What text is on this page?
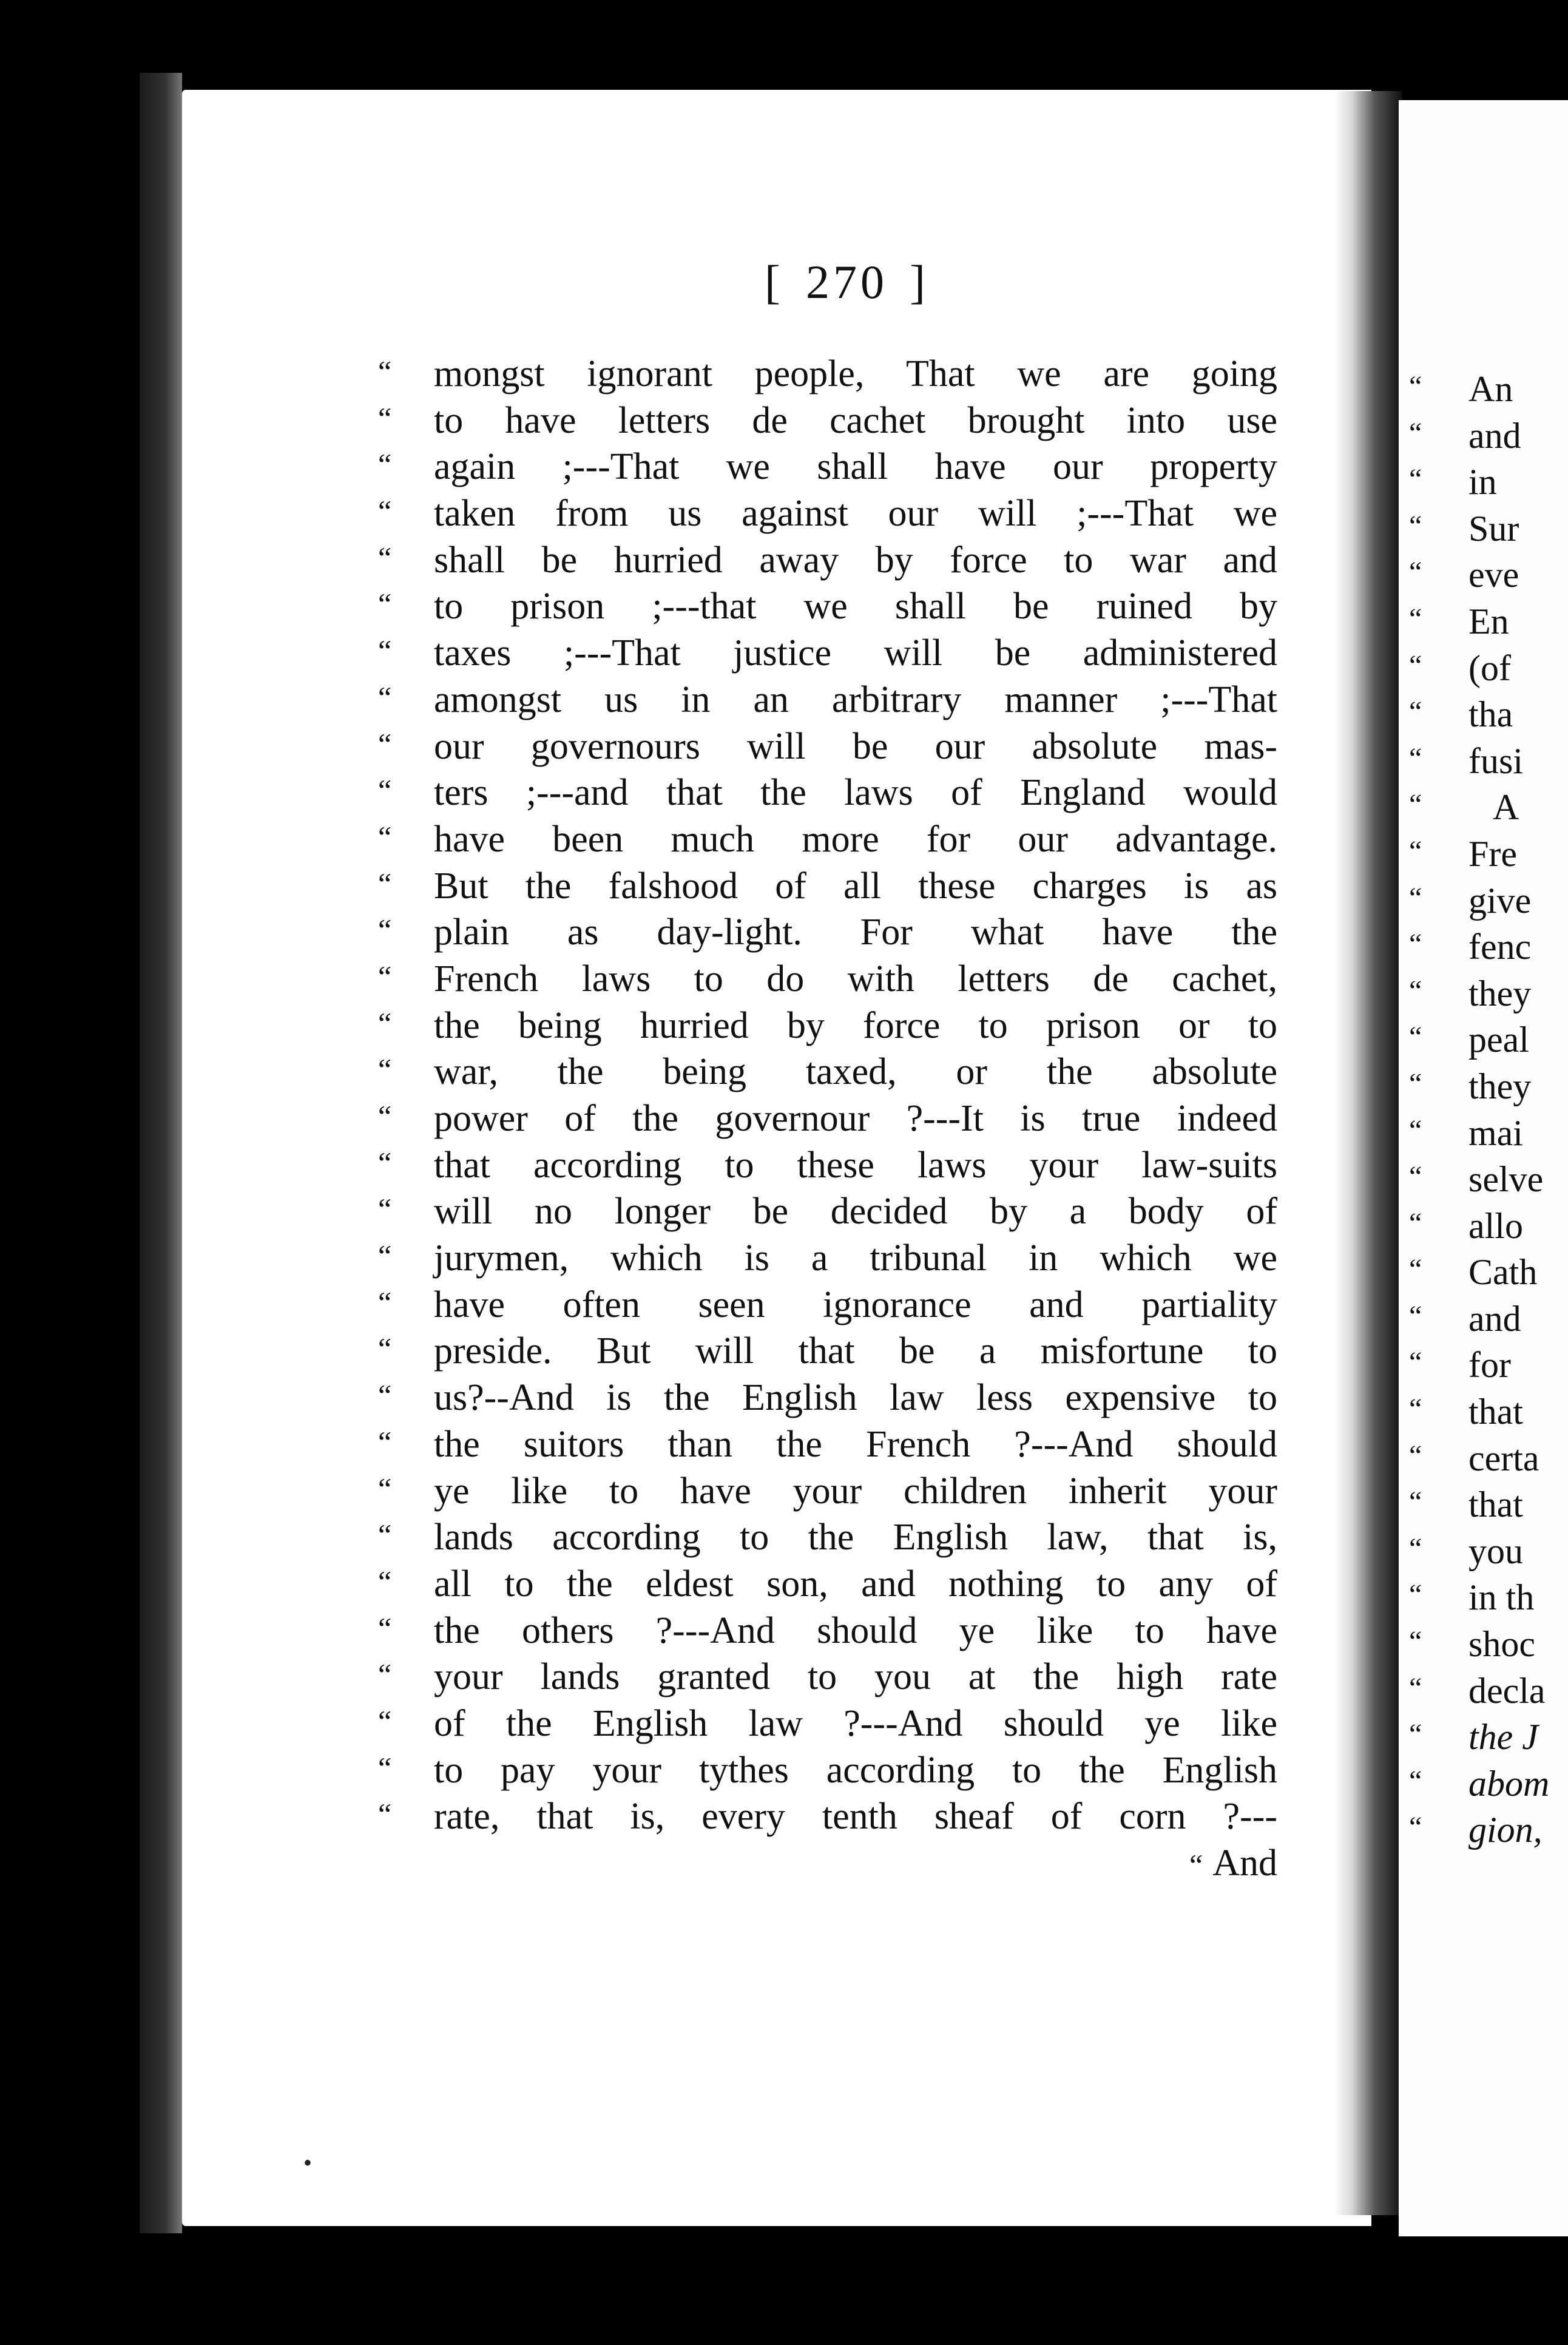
[ 270 ]
“ mongst ignorant people, That we are going
“ to have letters de cachet brought into use
“ again ;---That we shall have our property
“ taken from us against our will ;---That we
“ shall be hurried away by force to war and
“ to prison ;---that we shall be ruined by
“ taxes ;---That justice will be administered
“ amongst us in an arbitrary manner ;---That
“ our governours will be our absolute mas-
“ ters ;---and that the laws of England would
“ have been much more for our advantage.
“ But the falshood of all these charges is as
“ plain as day-light. For what have the
“ French laws to do with letters de cachet,
“ the being hurried by force to prison or to
“ war, the being taxed, or the absolute
“ power of the governour ?---It is true indeed
“ that according to these laws your law-suits
“ will no longer be decided by a body of
“ jurymen, which is a tribunal in which we
“ have often seen ignorance and partiality
“ preside. But will that be a misfortune to
“ us?--And is the English law less expensive to
“ the suitors than the French ?---And should
“ ye like to have your children inherit your
“ lands according to the English law, that is,
“ all to the eldest son, and nothing to any of
“ the others ?---And should ye like to have
“ your lands granted to you at the high rate
“ of the English law ?---And should ye like
“ to pay your tythes according to the English
“ rate, that is, every tenth sheaf of corn ?---
“ And
“ An
“ and
“ in
“ Sur
“ eve
“ En
“ (of
“ tha
“ fusi
“ A
“ Fre
“ give
“ fenc
“ they
“ peal
“ they
“ mai
“ selve
“ allo
“ Cath
“ and
“ for
“ that
“ certa
“ that
“ you
“ in th
“ shoc
“ decla
“ the J
“ abom
“ gion,
•
